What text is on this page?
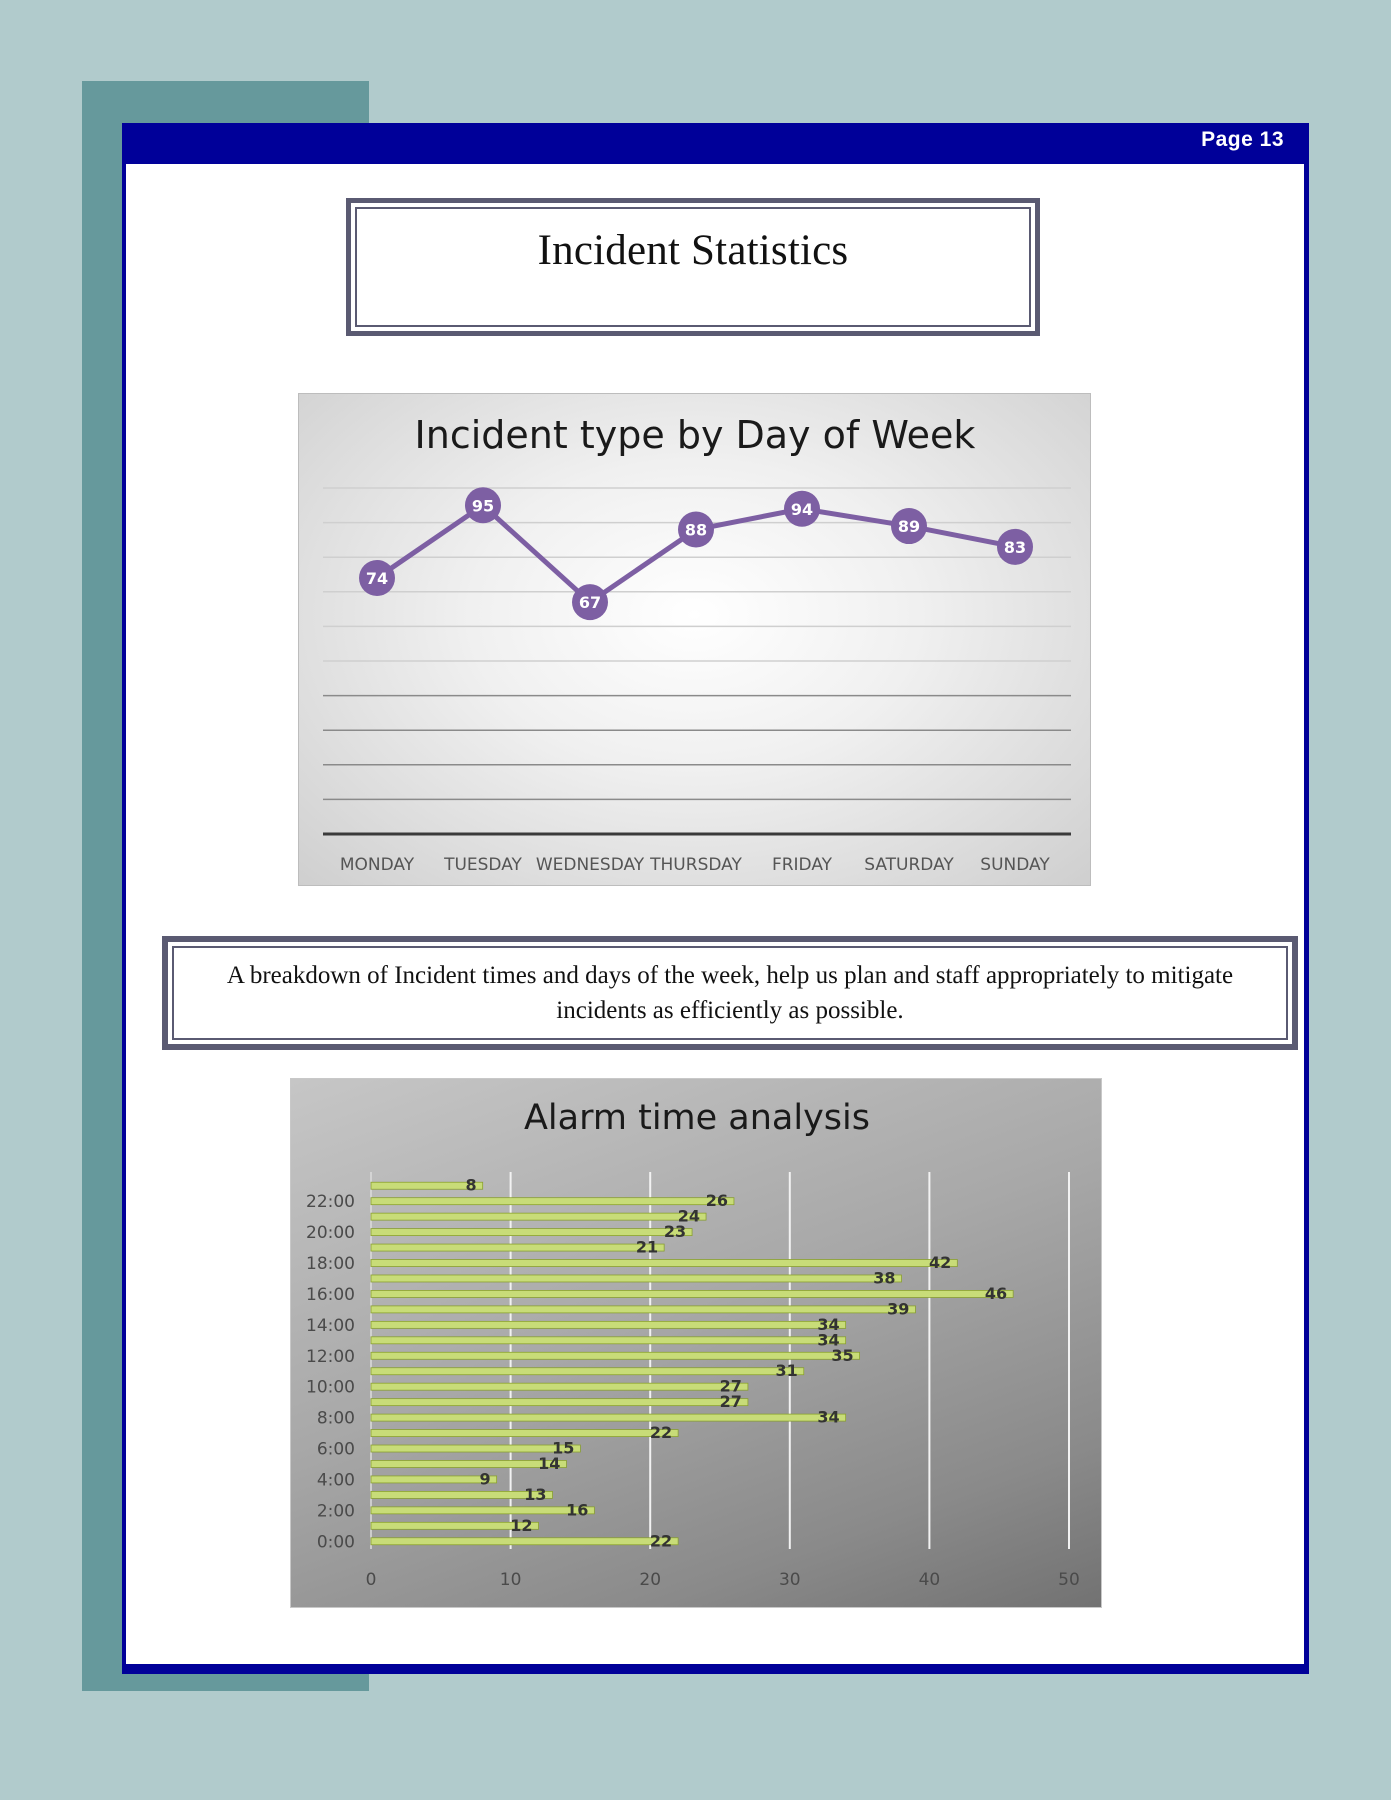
Page 13
Incident Statistics
Incident type by Day of Week
MONDAY TUESDAY WEDNESDAY THURSDAY FRIDAY SATURDAY SUNDAY
74
95
67
88
94
89
83
A breakdown of Incident times and days of the week, help us plan and staff appropriately to mitigate incidents as efficiently as possible.
Alarm time analysis
0	10	20	30	40	50
22
12
16
13
9
14
15
22
34
27
27
31
35
34
34
39
46
38
42
21
23
24
26
8
0:00
2:00
4:00
6:00
8:00
10:00
12:00
14:00
16:00
18:00
20:00
22:00
